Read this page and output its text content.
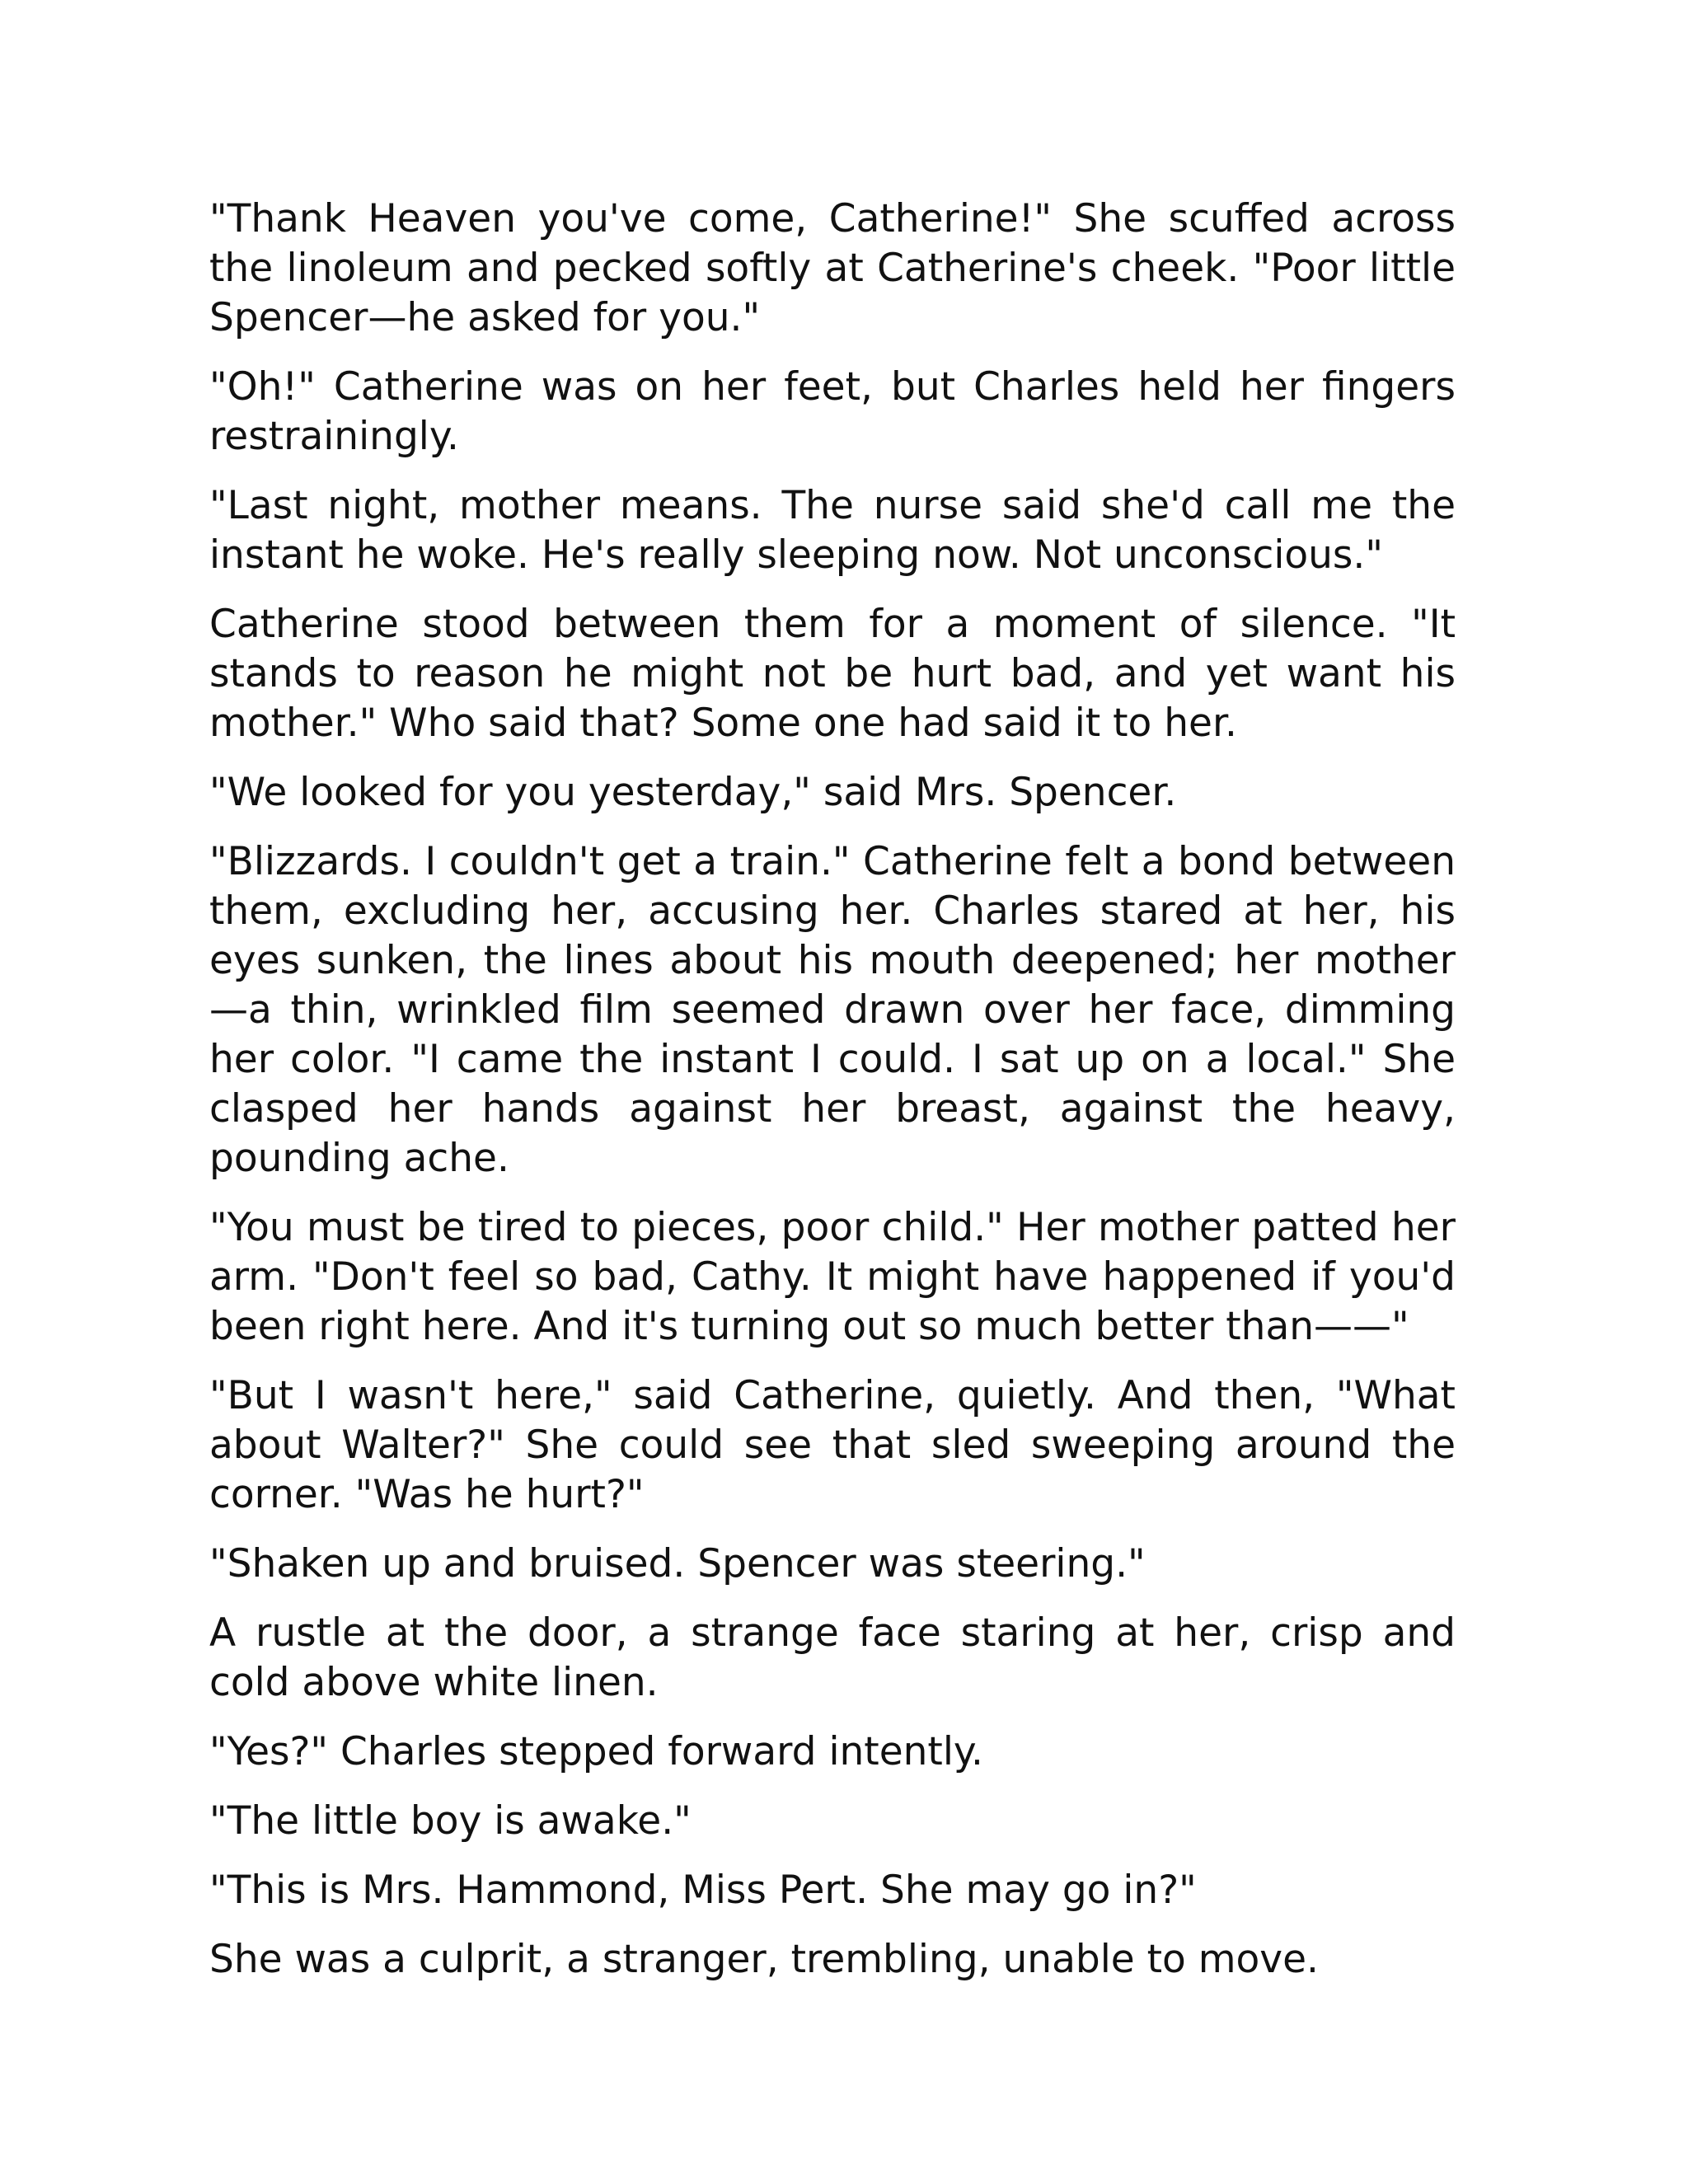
"Thank Heaven you've come, Catherine!" She scuffed across the linoleum and pecked softly at Catherine's cheek. "Poor little Spencer—he asked for you."

"Oh!" Catherine was on her feet, but Charles held her fingers restrainingly.

"Last night, mother means. The nurse said she'd call me the instant he woke. He's really sleeping now. Not unconscious."

Catherine stood between them for a moment of silence. "It stands to reason he might not be hurt bad, and yet want his mother." Who said that? Some one had said it to her.

"We looked for you yesterday," said Mrs. Spencer.

"Blizzards. I couldn't get a train." Catherine felt a bond between them, excluding her, accusing her. Charles stared at her, his eyes sunken, the lines about his mouth deepened; her mother—a thin, wrinkled film seemed drawn over her face, dimming her color. "I came the instant I could. I sat up on a local." She clasped her hands against her breast, against the heavy, pounding ache.

"You must be tired to pieces, poor child." Her mother patted her arm. "Don't feel so bad, Cathy. It might have happened if you'd been right here. And it's turning out so much better than——"

"But I wasn't here," said Catherine, quietly. And then, "What about Walter?" She could see that sled sweeping around the corner. "Was he hurt?"

"Shaken up and bruised. Spencer was steering."

A rustle at the door, a strange face staring at her, crisp and cold above white linen.

"Yes?" Charles stepped forward intently.

"The little boy is awake."

"This is Mrs. Hammond, Miss Pert. She may go in?"

She was a culprit, a stranger, trembling, unable to move.
